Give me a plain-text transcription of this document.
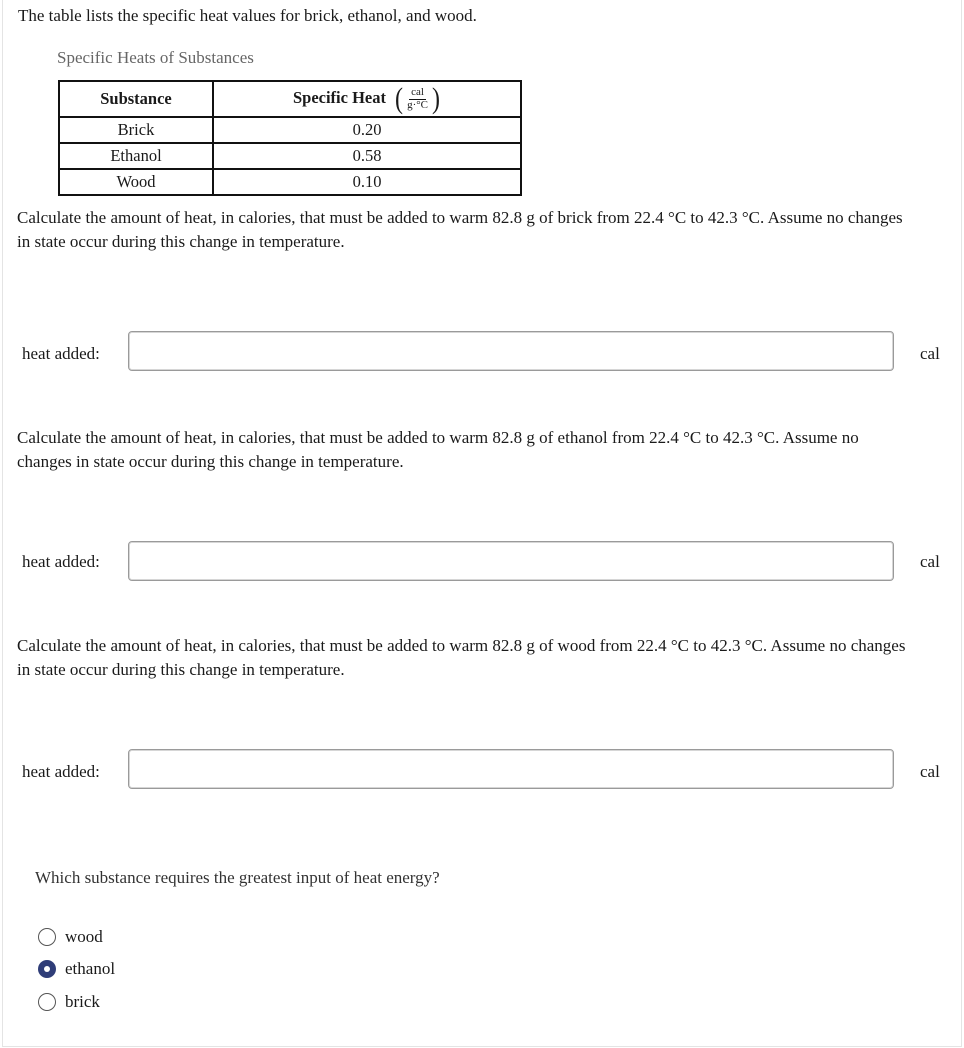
The table lists the specific heat values for brick, ethanol, and wood.
Specific Heats of Substances
Substance	Specific Heat ( $\frac{\text{cal}}{g\cdot^\circ C}$ )

Brick	0.20
Ethanol	0.58
Wood	0.10
Calculate the amount of heat, in calories, that must be added to warm 82.8 g of brick from 22.4 °C to 42.3 °C. Assume no changes in state occur during this change in temperature.
heat added:	cal
Calculate the amount of heat, in calories, that must be added to warm 82.8 g of ethanol from 22.4 °C to 42.3 °C. Assume no changes in state occur during this change in temperature.
heat added:	cal
Calculate the amount of heat, in calories, that must be added to warm 82.8 g of wood from 22.4 °C to 42.3 °C. Assume no changes in state occur during this change in temperature.
heat added:	cal
Which substance requires the greatest input of heat energy?
wood
ethanol
brick
